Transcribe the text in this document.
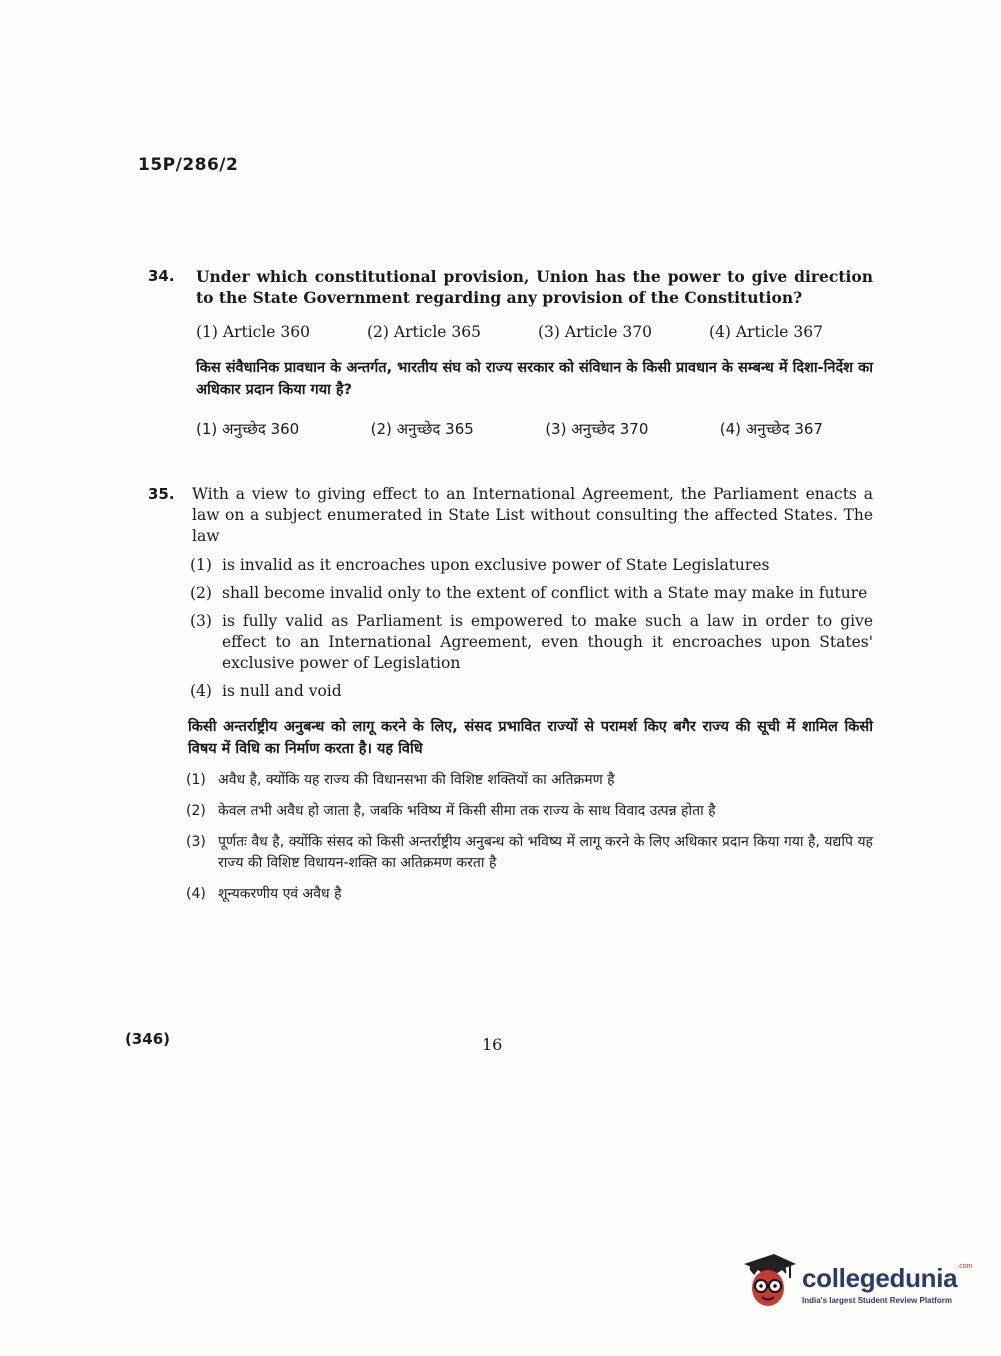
15P/286/2
34. Under which constitutional provision, Union has the power to give direction to the State Government regarding any provision of the Constitution?
(1) Article 360	(2) Article 365	(3) Article 370	(4) Article 367
किस संवैधानिक प्रावधान के अन्तर्गत, भारतीय संघ को राज्य सरकार को संविधान के किसी प्रावधान के सम्बन्ध में दिशा-निर्देश का अधिकार प्रदान किया गया है?
(1) अनुच्छेद 360	(2) अनुच्छेद 365	(3) अनुच्छेद 370	(4) अनुच्छेद 367
35. With a view to giving effect to an International Agreement, the Parliament enacts a law on a subject enumerated in State List without consulting the affected States. The law
(1) is invalid as it encroaches upon exclusive power of State Legislatures
(2) shall become invalid only to the extent of conflict with a State may make in future
(3) is fully valid as Parliament is empowered to make such a law in order to give effect to an International Agreement, even though it encroaches upon States' exclusive power of Legislation
(4) is null and void
किसी अन्तर्राष्ट्रीय अनुबन्ध को लागू करने के लिए, संसद प्रभावित राज्यों से परामर्श किए बगैर राज्य की सूची में शामिल किसी विषय में विधि का निर्माण करता है। यह विधि
(1) अवैध है, क्योंकि यह राज्य की विधानसभा की विशिष्ट शक्तियों का अतिक्रमण है
(2) केवल तभी अवैध हो जाता है, जबकि भविष्य में किसी सीमा तक राज्य के साथ विवाद उत्पन्न होता है
(3) पूर्णतः वैध है, क्योंकि संसद को किसी अन्तर्राष्ट्रीय अनुबन्ध को भविष्य में लागू करने के लिए अधिकार प्रदान किया गया है, यद्यपि यह राज्य की विशिष्ट विधायन-शक्ति का अतिक्रमण करता है
(4) शून्यकरणीय एवं अवैध है
(346)	16
collegedunia$^{.com}$
India's largest Student Review Platform
